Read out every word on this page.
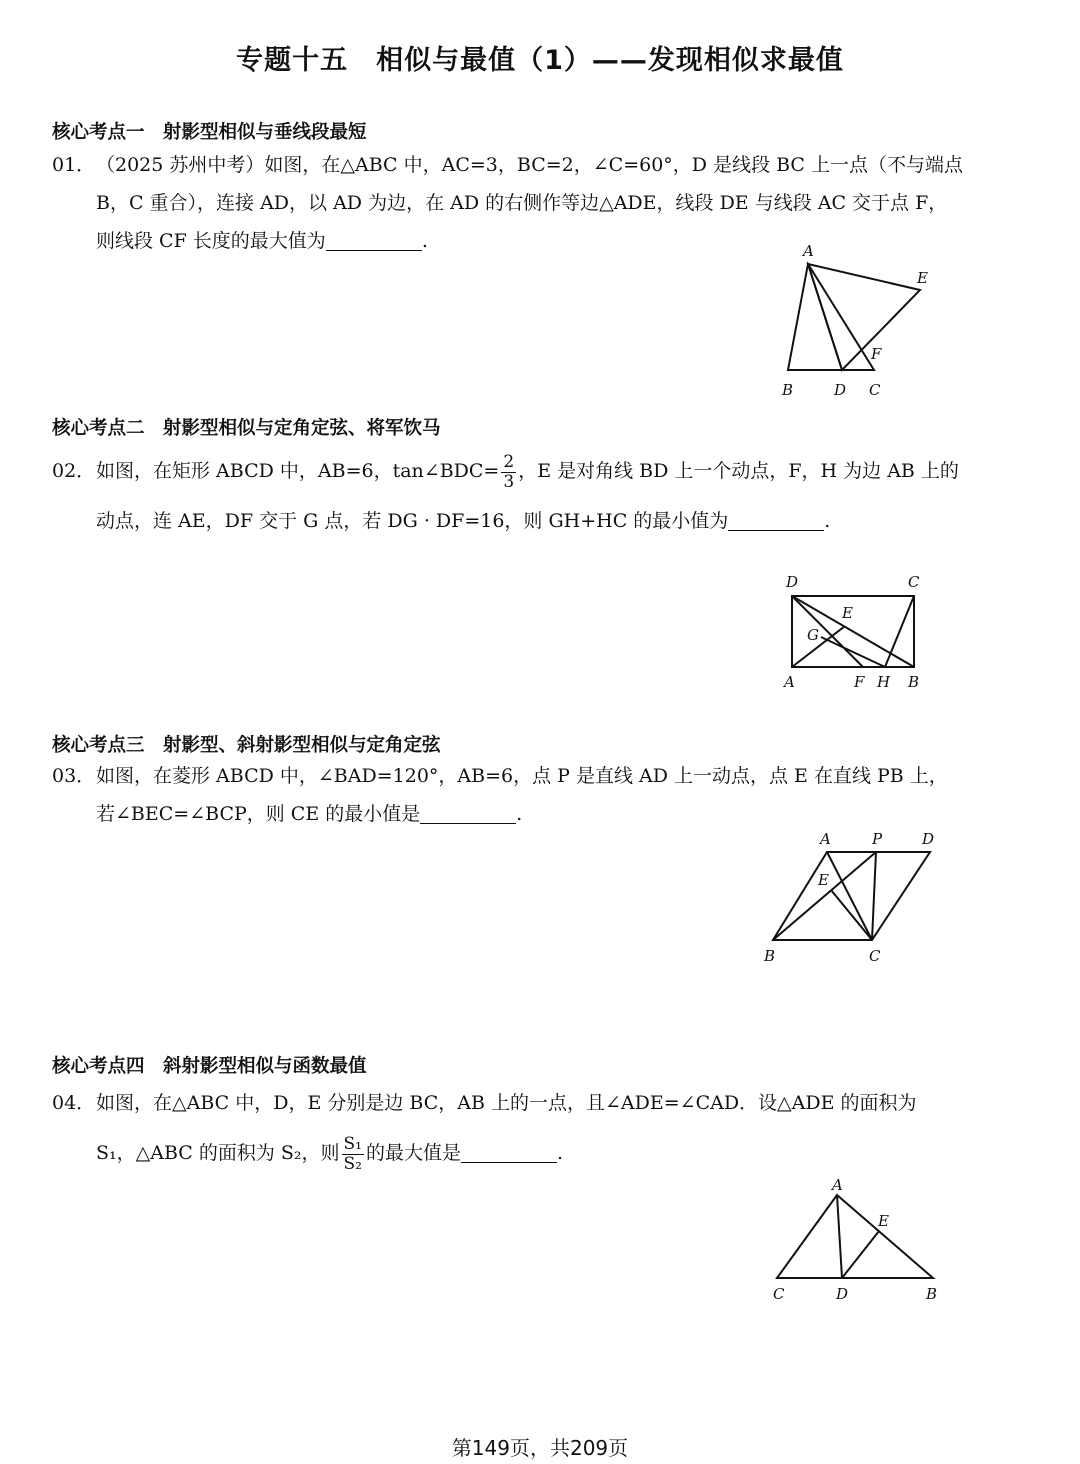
专题十五　相似与最值（1）——发现相似求最值
核心考点一　射影型相似与垂线段最短
01．（2025 苏州中考）如图，在△ABC 中，AC=3，BC=2，∠C=60°，D 是线段 BC 上一点（不与端点
B，C 重合），连接 AD，以 AD 为边，在 AD 的右侧作等边△ADE，线段 DE 与线段 AC 交于点 F，
则线段 CF 长度的最大值为	.	A
B	D C
E
F
核心考点二　射影型相似与定角定弦、将军饮马
02．如图，在矩形 ABCD 中，AB=6，tan∠BDC= $\frac{2}{3}$ ，E 是对角线 BD 上一个动点，F，H 为边 AB 上的
动点，连 AE，DF 交于 G 点，若 DG · DF=16，则 GH+HC 的最小值为	.
D	C
E
G
A	F H B
核心考点三　射影型、斜射影型相似与定角定弦
03．如图，在菱形 ABCD 中，∠BAD=120°，AB=6，点 P 是直线 AD 上一动点，点 E 在直线 PB 上，
若∠BEC=∠BCP，则 CE 的最小值是	.
A	P	D
E
B	C
核心考点四　斜射影型相似与函数最值
04．如图，在△ABC 中，D，E 分别是边 BC，AB 上的一点，且∠ADE=∠CAD．设△ADE 的面积为
S₁，△ABC 的面积为 S₂，则 $\frac{\text{S₁}}{\text{S₂}}$ 的最大值是	.
A
E
C	D	B
第149页，共209页
